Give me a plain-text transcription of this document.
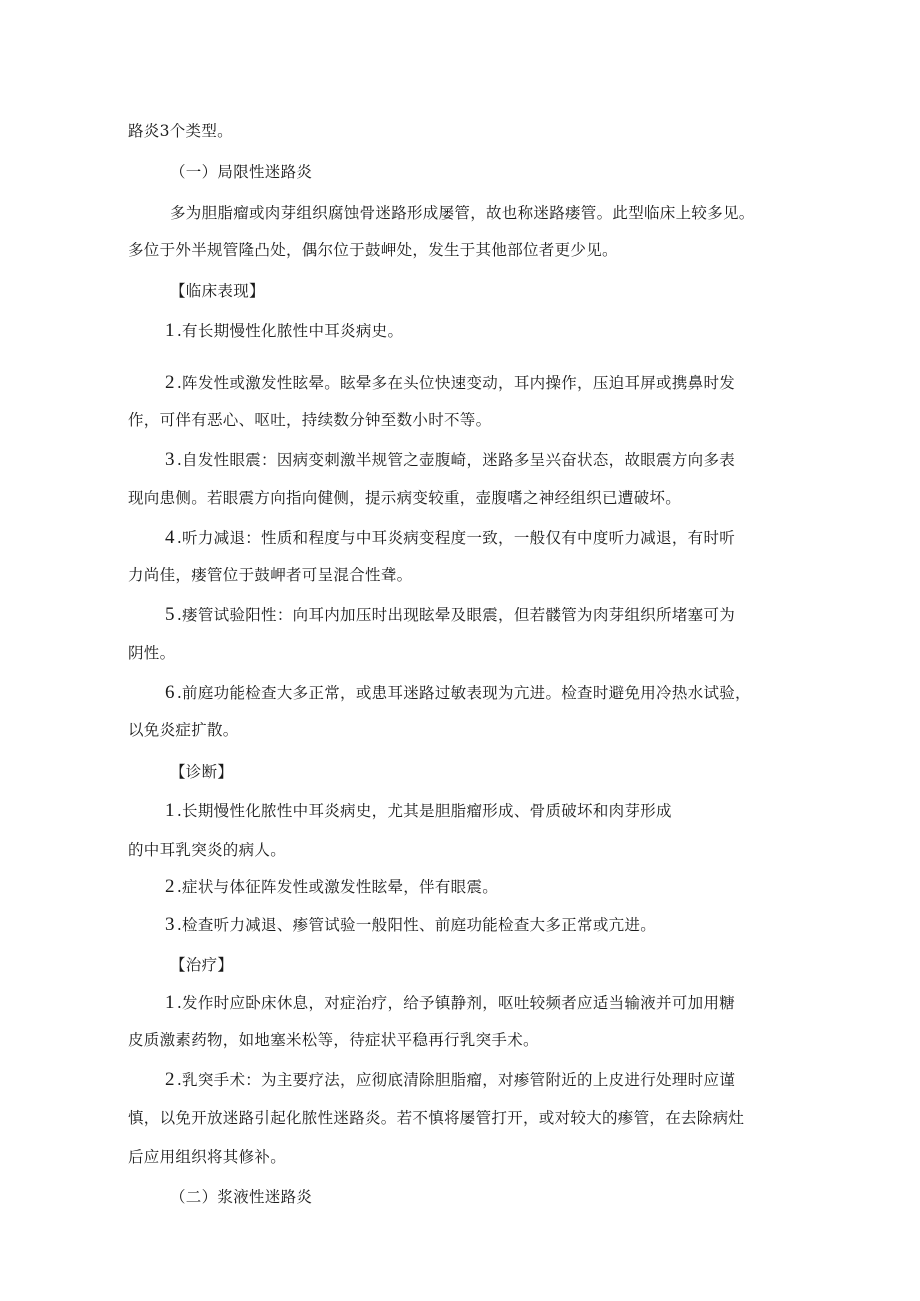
路炎3个类型。
（一）局限性迷路炎
多为胆脂瘤或肉芽组织腐蚀骨迷路形成屡管，故也称迷路瘘管。此型临床上较多见。
多位于外半规管隆凸处，偶尔位于鼓岬处，发生于其他部位者更少见。
【临床表现】
1 .有长期慢性化脓性中耳炎病史。
2 .阵发性或激发性眩晕。眩晕多在头位快速变动，耳内操作，压迫耳屏或携鼻时发
作，可伴有恶心、呕吐，持续数分钟至数小时不等。
3 .自发性眼震：因病变刺激半规管之壶腹崎，迷路多呈兴奋状态，故眼震方向多表
现向患侧。若眼震方向指向健侧，提示病变较重，壶腹嗜之神经组织已遭破坏。
4 .听力减退：性质和程度与中耳炎病变程度一致，一般仅有中度听力减退，有时听
力尚佳，瘘管位于鼓岬者可呈混合性聋。
5 .瘘管试验阳性：向耳内加压时出现眩晕及眼震，但若髅管为肉芽组织所堵塞可为
阴性。
6 .前庭功能检查大多正常，或患耳迷路过敏表现为亢进。检查时避免用冷热水试验，
以免炎症扩散。
【诊断】
1 .长期慢性化脓性中耳炎病史，尤其是胆脂瘤形成、骨质破坏和肉芽形成
的中耳乳突炎的病人。
2 .症状与体征阵发性或激发性眩晕，伴有眼震。
3 .检查听力减退、瘆管试验一般阳性、前庭功能检查大多正常或亢进。
【治疗】
1 .发作时应卧床休息，对症治疗，给予镇静剂，呕吐较频者应适当输液并可加用糖
皮质激素药物，如地塞米松等，待症状平稳再行乳突手术。
2 .乳突手术：为主要疗法，应彻底清除胆脂瘤，对瘆管附近的上皮进行处理时应谨
慎，以免开放迷路引起化脓性迷路炎。若不慎将屡管打开，或对较大的瘆管，在去除病灶
后应用组织将其修补。
（二）浆液性迷路炎
